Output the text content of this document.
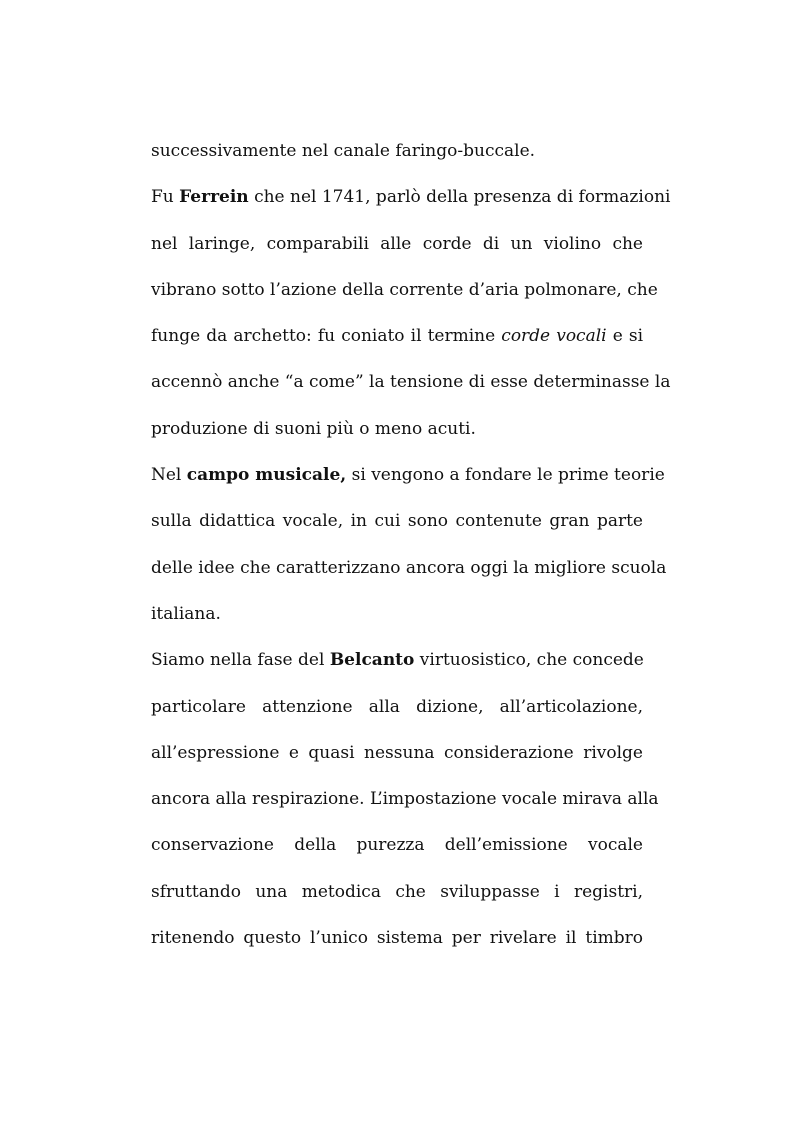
successivamente nel canale faringo-buccale.
Fu Ferrein che nel 1741, parlò della presenza di formazioni
nel laringe, comparabili alle corde di un violino che
vibrano sotto l’azione della corrente d’aria polmonare, che
funge da archetto: fu coniato il termine corde vocali e si
accennò anche “a come” la tensione di esse determinasse la
produzione di suoni più o meno acuti.
Nel campo musicale, si vengono a fondare le prime teorie
sulla didattica vocale, in cui sono contenute gran parte
delle idee che caratterizzano ancora oggi la migliore scuola
italiana.
Siamo nella fase del Belcanto virtuosistico, che concede
particolare attenzione alla dizione, all’articolazione,
all’espressione e quasi nessuna considerazione rivolge
ancora alla respirazione. L’impostazione vocale mirava alla
conservazione della purezza dell’emissione vocale
sfruttando una metodica che sviluppasse i registri,
ritenendo questo l’unico sistema per rivelare il timbro
